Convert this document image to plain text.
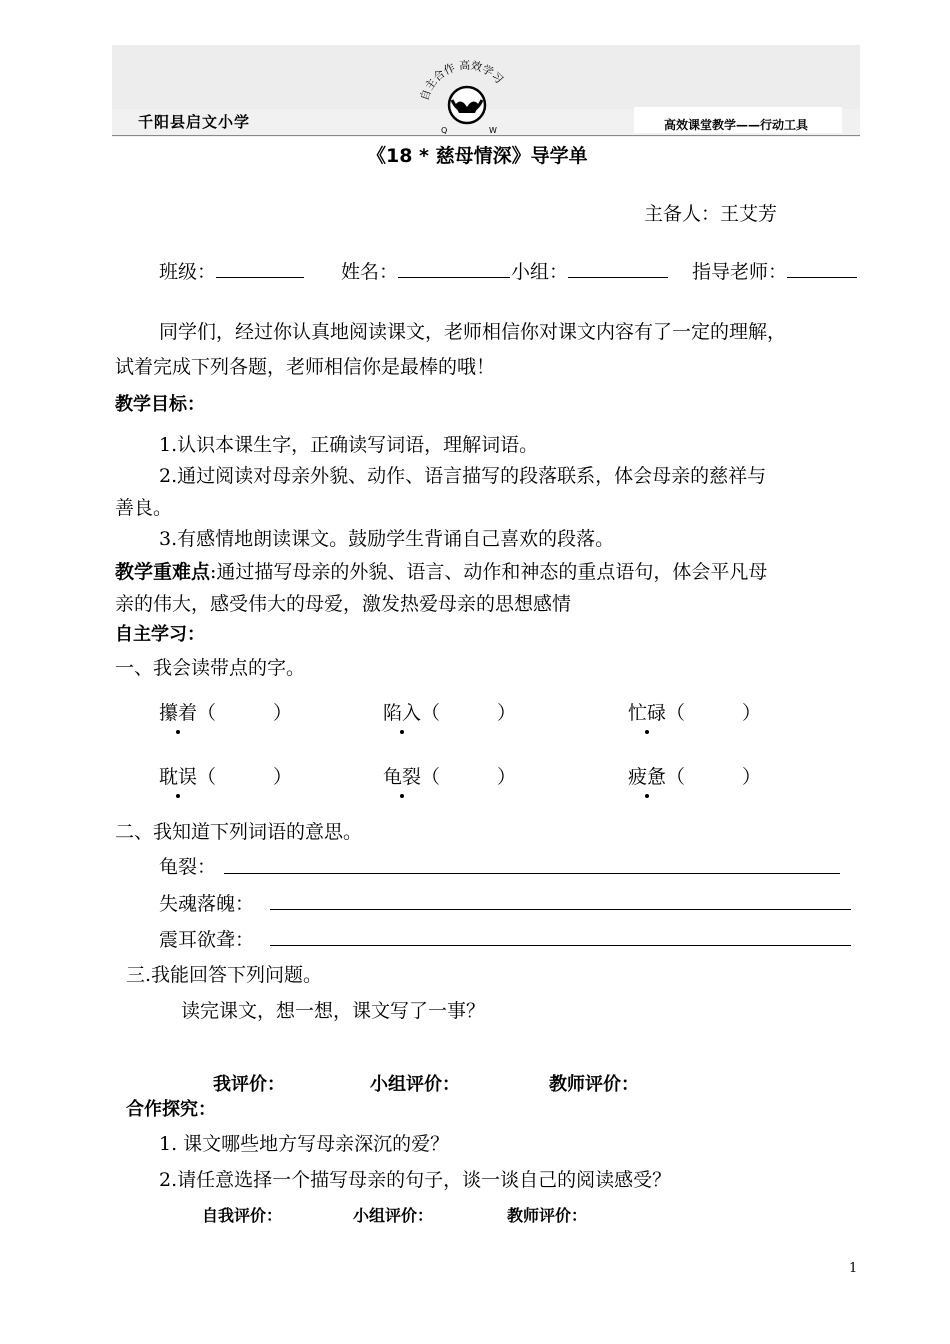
千阳县启文小学	高效课堂教学——行动工具
自主合作 高效学习
Q	W
《18 * 慈母情深》导学单
主备人：王艾芳
班级：	姓名：	小组：	指导老师：
同学们，经过你认真地阅读课文，老师相信你对课文内容有了一定的理解，
试着完成下列各题，老师相信你是最棒的哦！
教学目标：
1.认识本课生字，正确读写词语，理解词语。
2.通过阅读对母亲外貌、动作、语言描写的段落联系，体会母亲的慈祥与
善良。
3.有感情地朗读课文。鼓励学生背诵自己喜欢的段落。
教学重难点:通过描写母亲的外貌、语言、动作和神态的重点语句，体会平凡母
亲的伟大，感受伟大的母爱，激发热爱母亲的思想感情
自主学习：
一、我会读带点的字。
攥着（　　　）	陷入（　　　）	忙碌（　　　）
耽误（　　　）	龟裂（　　　）	疲惫（　　　）
二、我知道下列词语的意思。
龟裂：
失魂落魄：
震耳欲聋：
三.我能回答下列问题。
读完课文，想一想，课文写了一事？
我评价：	小组评价：	教师评价：
合作探究：
1. 课文哪些地方写母亲深沉的爱？
2.请任意选择一个描写母亲的句子，谈一谈自己的阅读感受？
自我评价：	小组评价：	教师评价：
1
